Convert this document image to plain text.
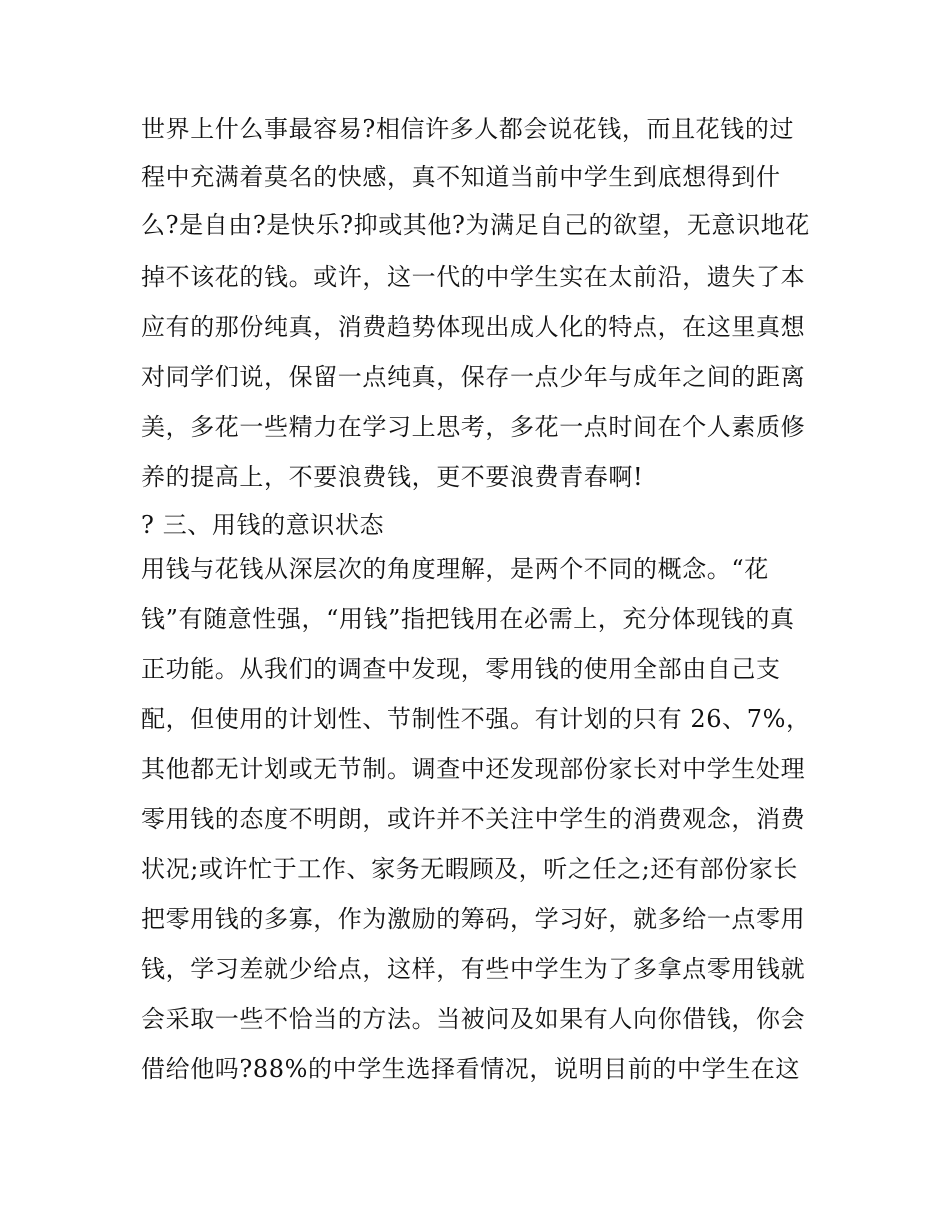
世界上什么事最容易?相信许多人都会说花钱，而且花钱的过
程中充满着莫名的快感，真不知道当前中学生到底想得到什
么?是自由?是快乐?抑或其他?为满足自己的欲望，无意识地花
掉不该花的钱。或许，这一代的中学生实在太前沿，遗失了本
应有的那份纯真，消费趋势体现出成人化的特点，在这里真想
对同学们说，保留一点纯真，保存一点少年与成年之间的距离
美，多花一些精力在学习上思考，多花一点时间在个人素质修
养的提高上，不要浪费钱，更不要浪费青春啊!
? 三、用钱的意识状态
用钱与花钱从深层次的角度理解，是两个不同的概念。“花
钱”有随意性强，“用钱”指把钱用在必需上，充分体现钱的真
正功能。从我们的调查中发现，零用钱的使用全部由自己支
配，但使用的计划性、节制性不强。有计划的只有 26、7%，
其他都无计划或无节制。调查中还发现部份家长对中学生处理
零用钱的态度不明朗，或许并不关注中学生的消费观念，消费
状况;或许忙于工作、家务无暇顾及，听之任之;还有部份家长
把零用钱的多寡，作为激励的筹码，学习好，就多给一点零用
钱，学习差就少给点，这样，有些中学生为了多拿点零用钱就
会采取一些不恰当的方法。当被问及如果有人向你借钱，你会
借给他吗?88%的中学生选择看情况，说明目前的中学生在这
